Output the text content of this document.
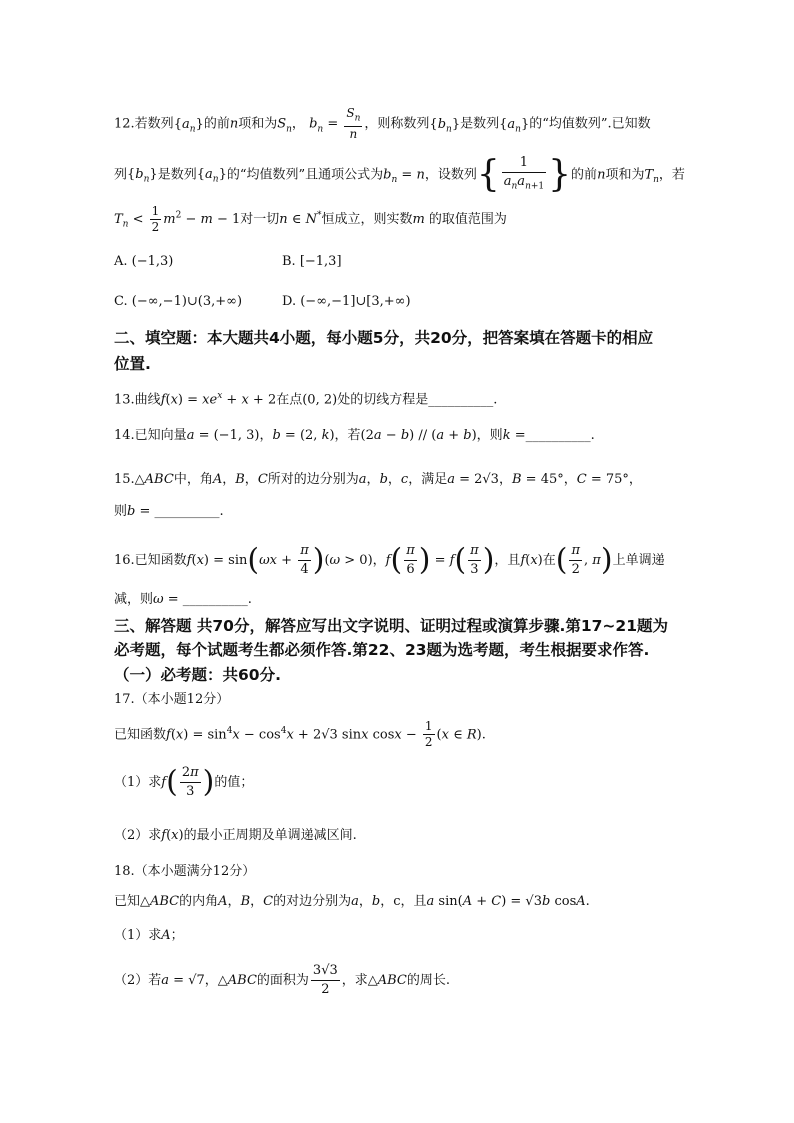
12.若数列$\{a_n\}$的前n项和为$S_n$， $b_n = \frac{S_n}{n}$ ，则称数列$\{b_n\}$是数列$\{a_n\}$的“均值数列”.已知数
列$\{b_n\}$是数列$\{a_n\}$的“均值数列”且通项公式为$b_n = n$，设数列{ $\frac{1}{a_na_{n+1}}$ }的前n项和为$T_n$，若
$T_n < \frac{1}{2} m^2 - m - 1$对一切n ∈ N*恒成立，则实数m 的取值范围为
A. (−1,3)	B. [−1,3]
C. (−∞,−1)∪(3,+∞)	D. (−∞,−1]∪[3,+∞)
二、填空题：本大题共4小题，每小题5分，共20分，把答案填在答题卡的相应
位置.
13.曲线$f(x) = xe^x + x + 2$在点(0, 2)处的切线方程是__________.
14.已知向量a = (−1, 3)，b = (2, k)，若(2a − b) // (a + b)，则k =__________.
15.△ABC中，角A，B，C所对的边分别为a，b，c，满足a = 2√3，B = 45°，C = 75°，
则b = __________.
16.已知函数$f(x) = \sin(\omega x + \frac{\pi}{4} )(\omega > 0)$，$f( \frac{\pi}{6}$ ) = $f( \frac{\pi}{3}$ )，且f(x)在( $\frac{\pi}{2}$ , π)上单调递
减，则ω = __________.
三、解答题 共70分，解答应写出文字说明、证明过程或演算步骤.第17~21题为
必考题，每个试题考生都必须作答.第22、23题为选考题，考生根据要求作答.
（一）必考题：共60分.
17.（本小题12分）
已知函数$f(x) = \sin^4x - \cos^4x + 2√3$ sinx $\cos x - \frac{1}{2} (x$ ∈ R).
（1）求$f( \frac{2\pi}{3}$ )的值；
（2）求f(x)的最小正周期及单调递减区间.
18.（本小题满分12分）
已知△ABC的内角A，B，C的对边分别为a，b，c，且a sin(A + C) = √3b cosA.
（1）求A；
（2）若a = √7，△ABC的面积为 $\frac{3√3}{2}$ ，求△ABC的周长.
